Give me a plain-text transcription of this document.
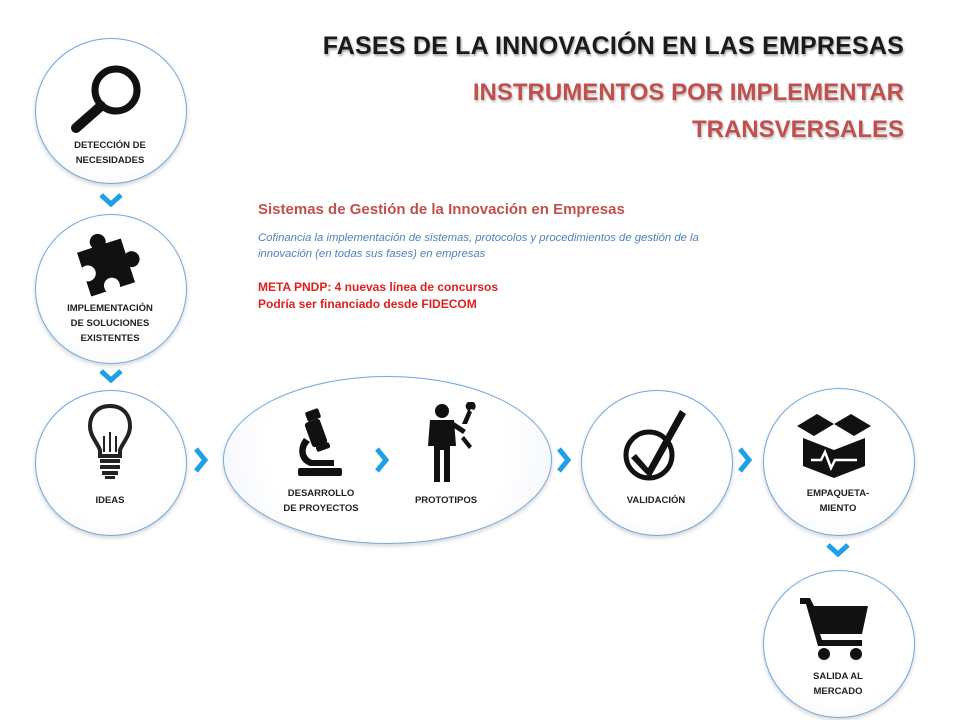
FASES DE LA INNOVACIÓN EN LAS EMPRESAS
INSTRUMENTOS POR IMPLEMENTAR
TRANSVERSALES
Sistemas de Gestión de la Innovación en Empresas
Cofinancia la implementación de sistemas, protocolos y procedimientos de gestión de la
innovación (en todas sus fases) en empresas
META PNDP: 4 nuevas línea de concursos
Podría ser financiado desde FIDECOM
DETECCIÓN DE
NECESIDADES
IMPLEMENTACIÓN
DE SOLUCIONES
EXISTENTES
IDEAS
DESARROLLO
DE PROYECTOS
PROTOTIPOS	VALIDACIÓN
EMPAQUETA-
MIENTO
SALIDA AL
MERCADO
